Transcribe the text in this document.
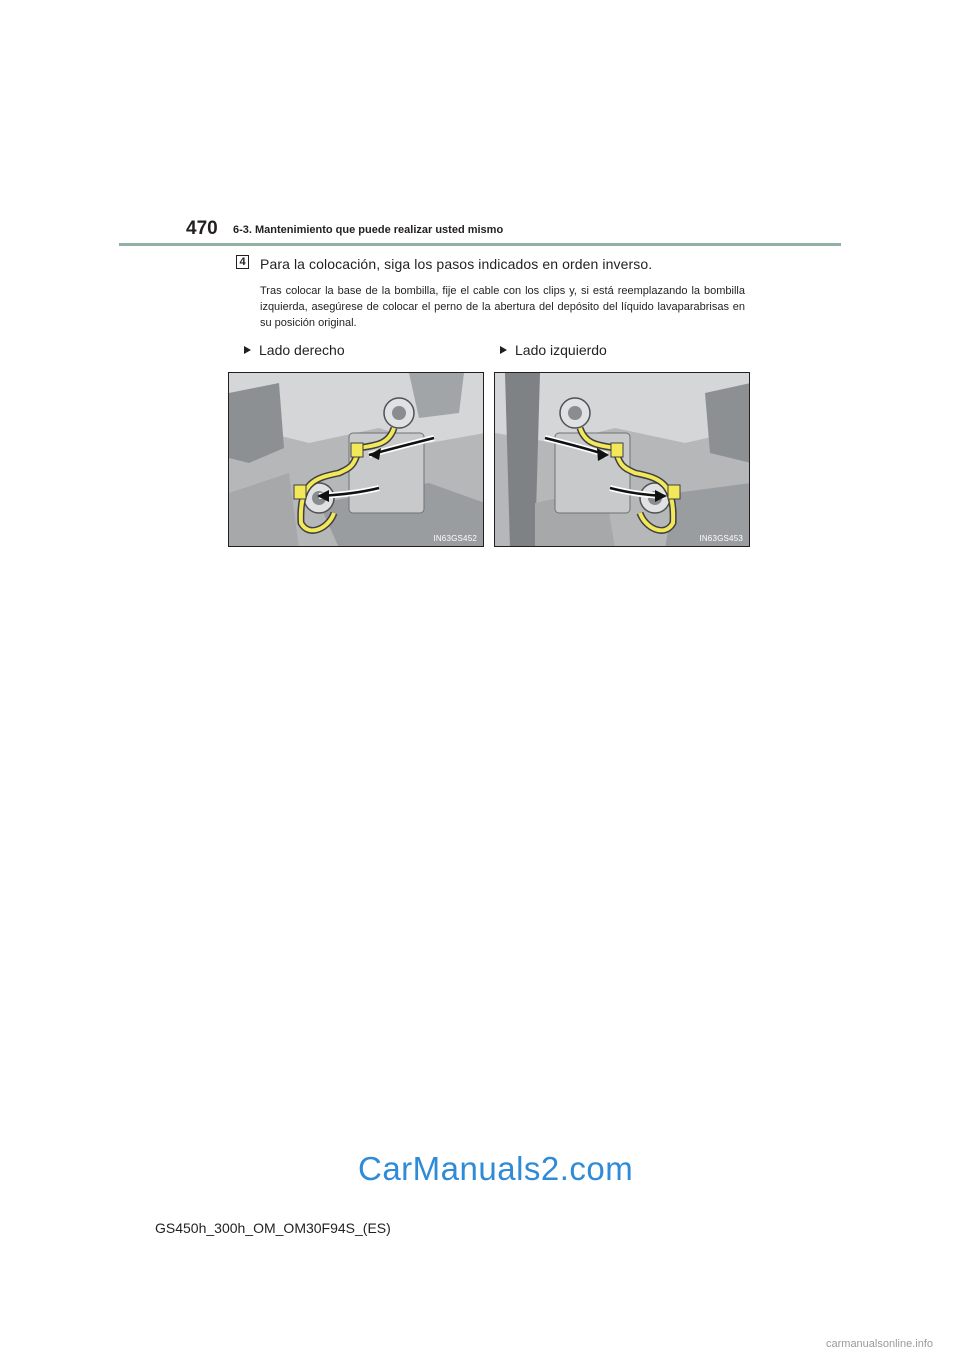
470 6-3. Mantenimiento que puede realizar usted mismo
4 Para la colocación, siga los pasos indicados en orden inverso.
Tras colocar la base de la bombilla, fije el cable con los clips y, si está reemplazando la bombilla izquierda, asegúrese de colocar el perno de la abertura del depósito del líquido lavaparabrisas en su posición original.
Lado derecho	Lado izquierdo
IN63GS452	IN63GS453
CarManuals2.com
GS450h_300h_OM_OM30F94S_(ES)
carmanualsonline.info
